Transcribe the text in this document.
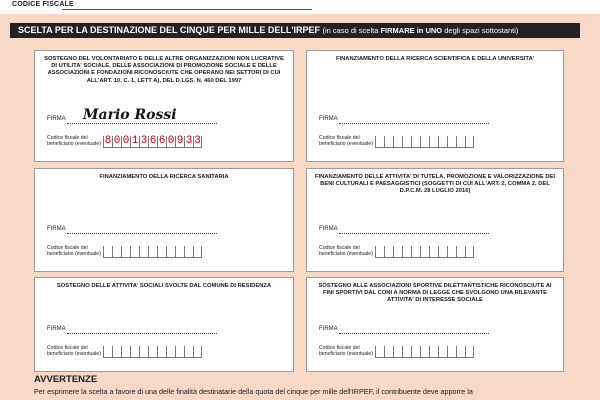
CODICE FISCALE
SCELTA PER LA DESTINAZIONE DEL CINQUE PER MILLE DELL'IRPEF (in caso di scelta FIRMARE in UNO degli spazi sottostanti)
SOSTEGNO DEL VOLONTARIATO E DELLE ALTRE ORGANIZZAZIONI NON LUCRATIVE DI UTILITA' SOCIALE, DELLE ASSOCIAZIONI DI PROMOZIONE SOCIALE E DELLE ASSOCIAZIONI E FONDAZIONI RICONOSCIUTE CHE OPERANO NEI SETTORI DI CUI ALL'ART. 10, C. 1, LETT A), DEL D.LGS. N. 460 DEL 1997
FIRMA Mario Rossi
Codice fiscale del
beneficiario (eventuale) 8 0 0 1 3 6 6 0 9 3 3
FINANZIAMENTO DELLA RICERCA SCIENTIFICA E DELLA UNIVERSITA'
FIRMA
Codice fiscale del
beneficiario (eventuale)
FINANZIAMENTO DELLA RICERCA SANITARIA
FIRMA
Codice fiscale del
beneficiario (eventuale)
FINANZIAMENTO DELLE ATTIVITA' DI TUTELA, PROMOZIONE E VALORIZZAZIONE DEI BENI CULTURALI E PAESAGGISTICI (SOGGETTI DI CUI ALL'ART. 2, COMMA 2, DEL D.P.C.M. 28 LUGLIO 2016)
FIRMA
Codice fiscale del
beneficiario (eventuale)
SOSTEGNO DELLE ATTIVITA' SOCIALI SVOLTE DAL COMUNE DI RESIDENZA
FIRMA
Codice fiscale del
beneficiario (eventuale)
SOSTEGNO ALLE ASSOCIAZIONI SPORTIVE DILETTANTISTICHE RICONOSCIUTE AI FINI SPORTIVI DAL CONI A NORMA DI LEGGE CHE SVOLGONO UNA RILEVANTE ATTIVITA' DI INTERESSE SOCIALE
FIRMA
Codice fiscale del
beneficiario (eventuale)
AVVERTENZE
Per esprimere la scelta a favore di una delle finalità destinatarie della quota del cinque per mille dell'IRPEF, il contribuente deve apporre la
